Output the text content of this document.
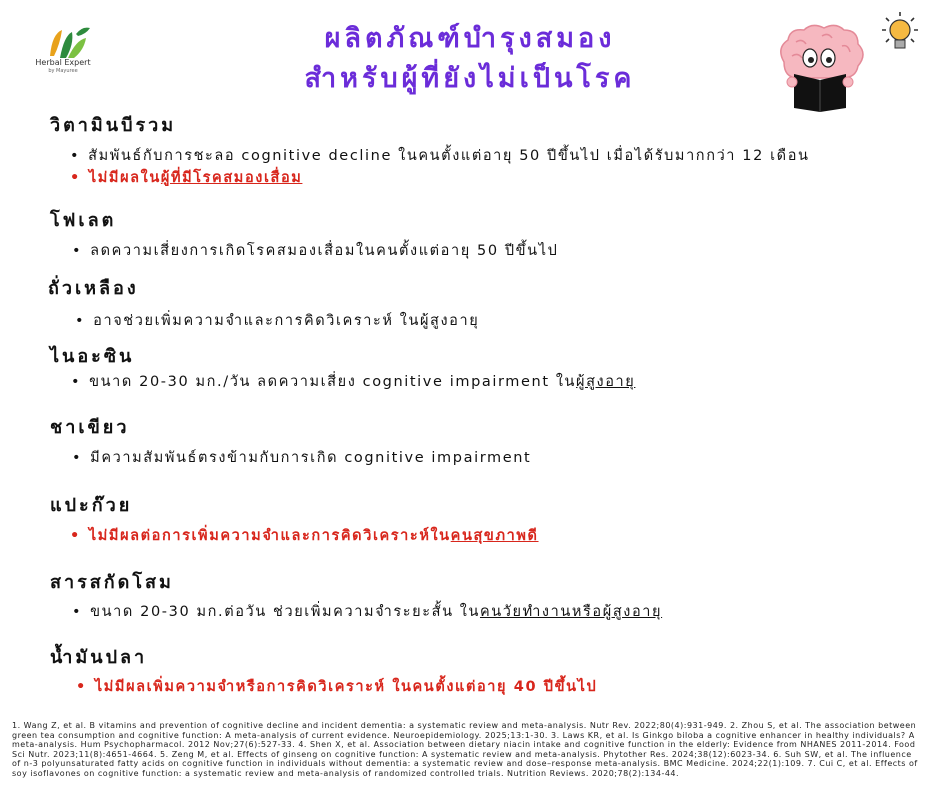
Herbal Expert
by Mayuree
ผลิตภัณฑ์บำรุงสมอง
สำหรับผู้ที่ยังไม่เป็นโรค
วิตามินบีรวม
• สัมพันธ์กับการชะลอ cognitive decline ในคนตั้งแต่อายุ 50 ปีขึ้นไป เมื่อได้รับมากกว่า 12 เดือน
• ไม่มีผลในผู้ที่มีโรคสมองเสื่อม
โฟเลต
• ลดความเสี่ยงการเกิดโรคสมองเสื่อมในคนตั้งแต่อายุ 50 ปีขึ้นไป
ถั่วเหลือง
• อาจช่วยเพิ่มความจำและการคิดวิเคราะห์ ในผู้สูงอายุ
ไนอะซิน
• ขนาด 20-30 มก./วัน ลดความเสี่ยง cognitive impairment ในผู้สูงอายุ
ชาเขียว
• มีความสัมพันธ์ตรงข้ามกับการเกิด cognitive impairment
แปะก๊วย
• ไม่มีผลต่อการเพิ่มความจำและการคิดวิเคราะห์ในคนสุขภาพดี
สารสกัดโสม
• ขนาด 20-30 มก.ต่อวัน ช่วยเพิ่มความจำระยะสั้น ในคนวัยทำงานหรือผู้สูงอายุ
น้ำมันปลา
• ไม่มีผลเพิ่มความจำหรือการคิดวิเคราะห์ ในคนตั้งแต่อายุ 40 ปีขึ้นไป
1. Wang Z, et al. B vitamins and prevention of cognitive decline and incident dementia: a systematic review and meta-analysis. Nutr Rev. 2022;80(4):931-949. 2. Zhou S, et al. The association between green tea consumption and cognitive function: A meta-analysis of current evidence. Neuroepidemiology. 2025;13:1-30. 3. Laws KR, et al. Is Ginkgo biloba a cognitive enhancer in healthy individuals? A meta-analysis. Hum Psychopharmacol. 2012 Nov;27(6):527-33. 4. Shen X, et al. Association between dietary niacin intake and cognitive function in the elderly: Evidence from NHANES 2011-2014. Food Sci Nutr. 2023;11(8):4651-4664. 5. Zeng M, et al. Effects of ginseng on cognitive function: A systematic review and meta-analysis. Phytother Res. 2024;38(12):6023-34. 6. Suh SW, et al. The influence of n-3 polyunsaturated fatty acids on cognitive function in individuals without dementia: a systematic review and dose–response meta-analysis. BMC Medicine. 2024;22(1):109. 7. Cui C, et al. Effects of soy isoflavones on cognitive function: a systematic review and meta-analysis of randomized controlled trials. Nutrition Reviews. 2020;78(2):134-44.
